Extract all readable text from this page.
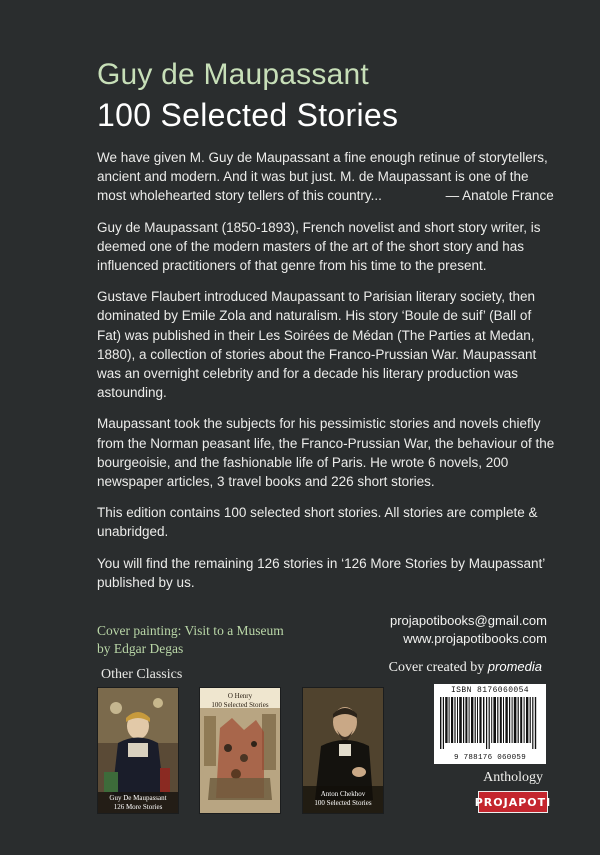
Guy de Maupassant
100 Selected Stories

We have given M. Guy de Maupassant a fine enough retinue of storytellers, ancient and modern. And it was but just. M. de Maupassant is one of the most wholehearted story tellers of this country...	— Anatole France

Guy de Maupassant (1850-1893), French novelist and short story writer, is deemed one of the modern masters of the art of the short story and has influenced practitioners of that genre from his time to the present.

Gustave Flaubert introduced Maupassant to Parisian literary society, then dominated by Emile Zola and naturalism. His story ‘Boule de suif’ (Ball of Fat) was published in their Les Soirées de Médan (The Parties at Medan, 1880), a collection of stories about the Franco-Prussian War. Maupassant was an overnight celebrity and for a decade his literary production was astounding.

Maupassant took the subjects for his pessimistic stories and novels chiefly from the Norman peasant life, the Franco-Prussian War, the behaviour of the bourgeoisie, and the fashionable life of Paris. He wrote 6 novels, 200 newspaper articles, 3 travel books and 226 short stories.

This edition contains 100 selected short stories. All stories are complete & unabridged.

You will find the remaining 126 stories in ‘126 More Stories by Maupassant’ published by us.

Cover painting: Visit to a Museum
by Edgar Degas
projapotibooks@gmail.com
www.projapotibooks.com
Cover created by promedia
Other Classics
Guy De Maupassant
126 More Stories
O Henry
100 Selected Stories
Anton Chekhov
100 Selected Stories
ISBN 8176060054
9 788176 060059
Anthology
PROJAPOTI
